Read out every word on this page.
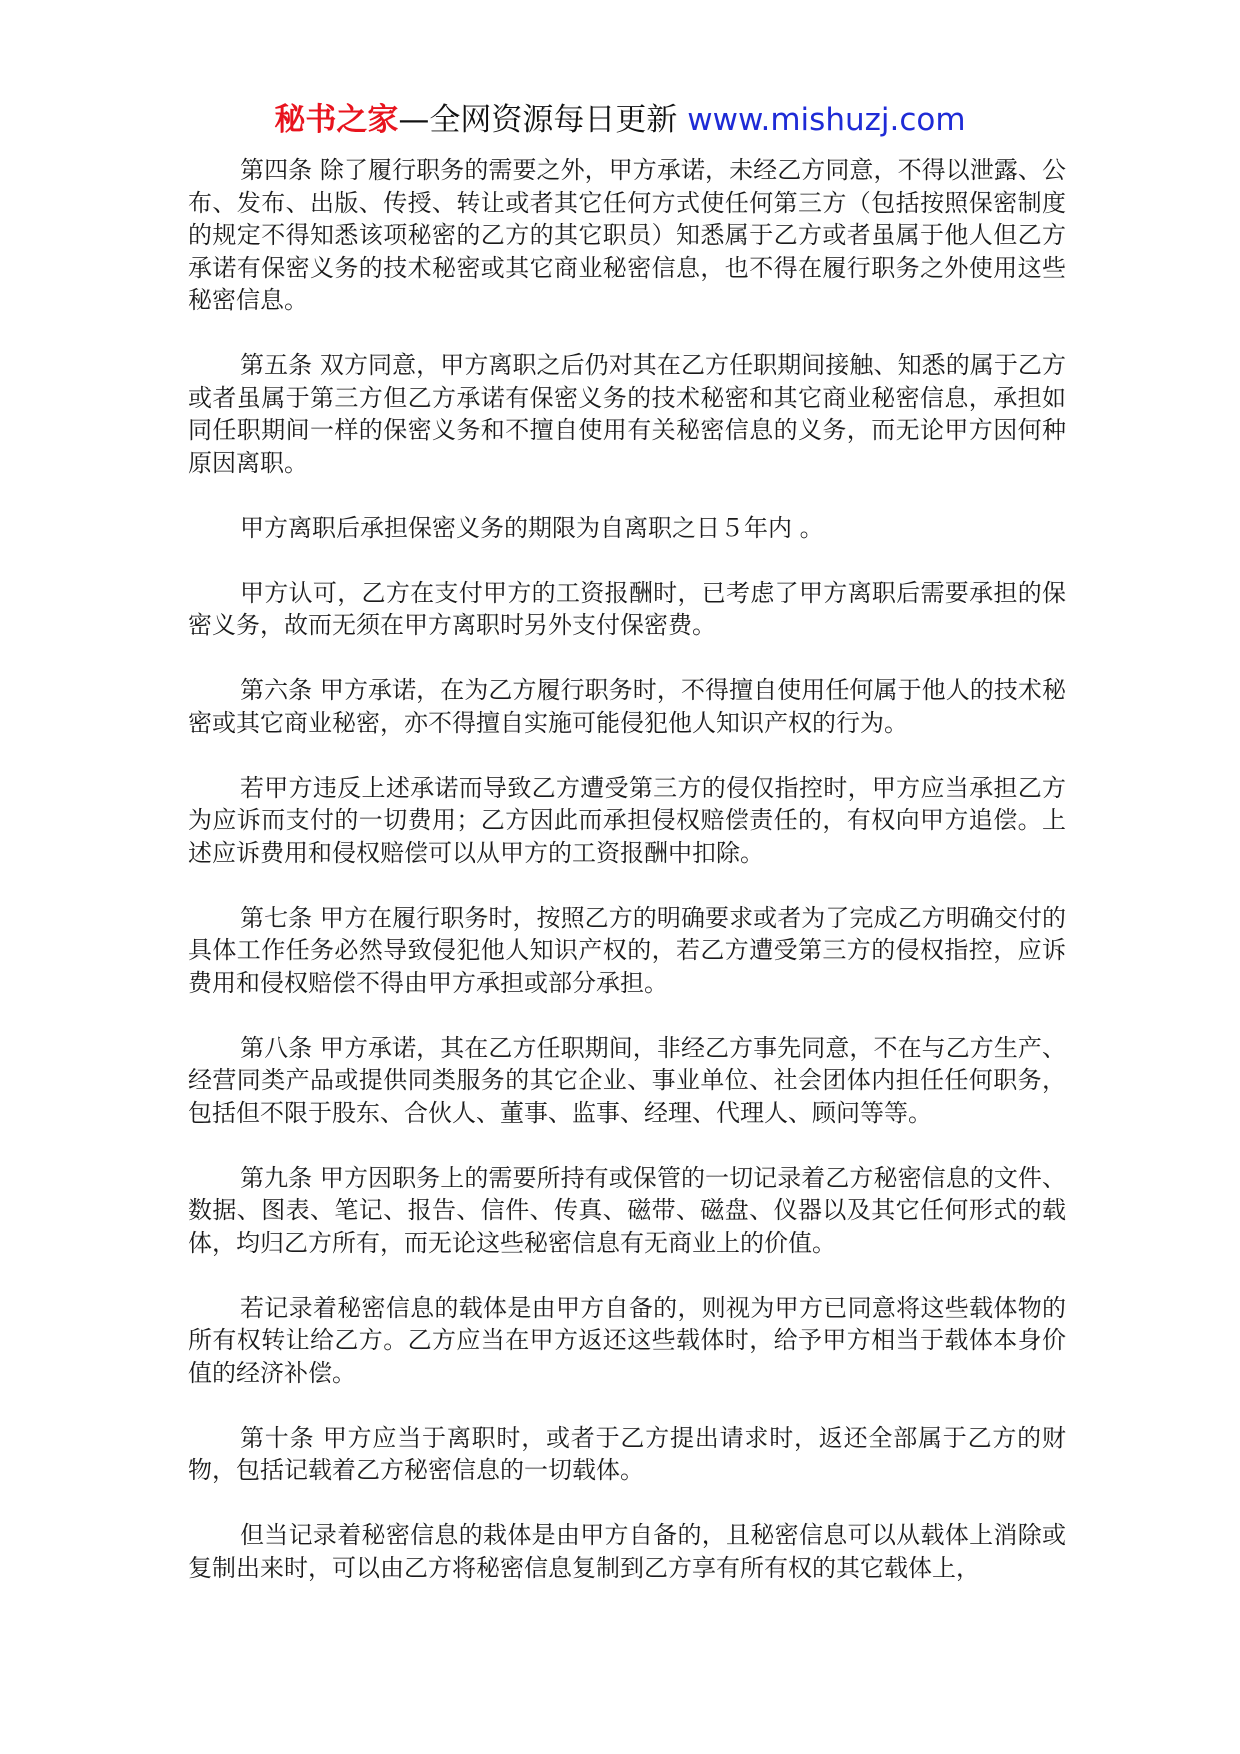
秘书之家—全网资源每日更新 www.mishuzj.com

第四条 除了履行职务的需要之外，甲方承诺，未经乙方同意，不得以泄露、公布、发布、出版、传授、转让或者其它任何方式使任何第三方（包括按照保密制度的规定不得知悉该项秘密的乙方的其它职员）知悉属于乙方或者虽属于他人但乙方承诺有保密义务的技术秘密或其它商业秘密信息，也不得在履行职务之外使用这些秘密信息。

第五条 双方同意，甲方离职之后仍对其在乙方任职期间接触、知悉的属于乙方或者虽属于第三方但乙方承诺有保密义务的技术秘密和其它商业秘密信息，承担如同任职期间一样的保密义务和不擅自使用有关秘密信息的义务，而无论甲方因何种原因离职。

甲方离职后承担保密义务的期限为自离职之日５年内 。

甲方认可，乙方在支付甲方的工资报酬时，已考虑了甲方离职后需要承担的保密义务，故而无须在甲方离职时另外支付保密费。

第六条 甲方承诺，在为乙方履行职务时，不得擅自使用任何属于他人的技术秘密或其它商业秘密，亦不得擅自实施可能侵犯他人知识产权的行为。

若甲方违反上述承诺而导致乙方遭受第三方的侵仅指控时，甲方应当承担乙方为应诉而支付的一切费用；乙方因此而承担侵权赔偿责任的，有权向甲方追偿。上述应诉费用和侵权赔偿可以从甲方的工资报酬中扣除。

第七条 甲方在履行职务时，按照乙方的明确要求或者为了完成乙方明确交付的具体工作任务必然导致侵犯他人知识产权的，若乙方遭受第三方的侵权指控，应诉费用和侵权赔偿不得由甲方承担或部分承担。

第八条 甲方承诺，其在乙方任职期间，非经乙方事先同意，不在与乙方生产、经营同类产品或提供同类服务的其它企业、事业单位、社会团体内担任任何职务，包括但不限于股东、合伙人、董事、监事、经理、代理人、顾问等等。

第九条 甲方因职务上的需要所持有或保管的一切记录着乙方秘密信息的文件、数据、图表、笔记、报告、信件、传真、磁带、磁盘、仪器以及其它任何形式的载体，均归乙方所有，而无论这些秘密信息有无商业上的价值。

若记录着秘密信息的载体是由甲方自备的，则视为甲方已同意将这些载体物的所有权转让给乙方。乙方应当在甲方返还这些载体时，给予甲方相当于载体本身价值的经济补偿。

第十条 甲方应当于离职时，或者于乙方提出请求时，返还全部属于乙方的财物，包括记载着乙方秘密信息的一切载体。

但当记录着秘密信息的栽体是由甲方自备的，且秘密信息可以从载体上消除或复制出来时，可以由乙方将秘密信息复制到乙方享有所有权的其它载体上，
